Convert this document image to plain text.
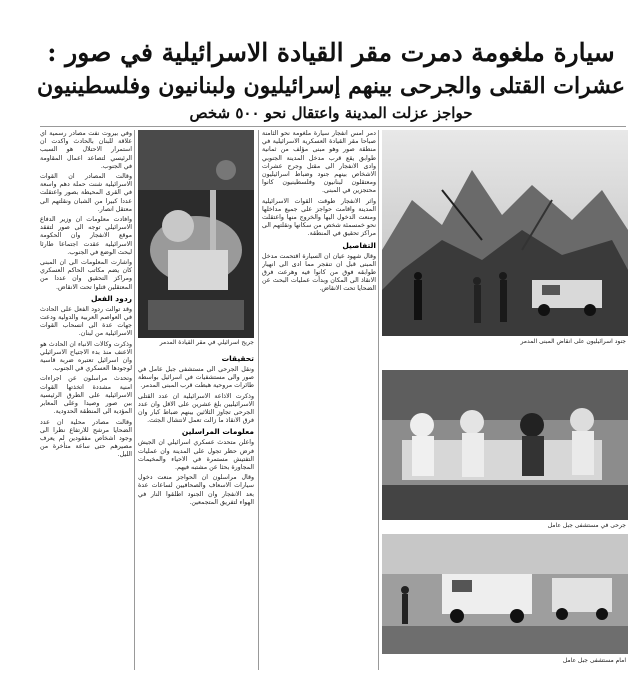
سيارة ملغومة دمرت مقر القيادة الاسرائيلية في صور :
عشرات القتلى والجرحى بينهم إسرائيليون ولبنانيون وفلسطينيون
حواجز عزلت المدينة واعتقال نحو ٥٠٠ شخص
جنود اسرائيليون على انقاض المبنى المدمر
جريح اسرائيلي في مقر القيادة المدمر
جرحى في مستشفى جبل عامل
امام مستشفى جبل عامل

دمر امس انفجار سيارة ملغومة نحو الثامنة صباحا مقر القيادة العسكرية الاسرائيلية في منطقة صور وهو مبنى مؤلف من ثمانية طوابق يقع قرب مدخل المدينة الجنوبي وادى الانفجار الى مقتل وجرح عشرات الاشخاص بينهم جنود وضباط اسرائيليون ومعتقلون لبنانيون وفلسطينيون كانوا محتجزين في المبنى.

واثر الانفجار طوقت القوات الاسرائيلية المدينة واقامت حواجز على جميع مداخلها ومنعت الدخول اليها والخروج منها واعتقلت نحو خمسمئة شخص من سكانها ونقلتهم الى مراكز تحقيق في المنطقة.

التفاصيل

وقال شهود عيان ان السيارة اقتحمت مدخل المبنى قبل ان تنفجر مما ادى الى انهيار طوابقه فوق من كانوا فيه وهرعت فرق الانقاذ الى المكان وبدأت عمليات البحث عن الضحايا تحت الانقاض.

تحقيقات

ونقل الجرحى الى مستشفى جبل عامل في صور والى مستشفيات في اسرائيل بواسطة طائرات مروحية هبطت قرب المبنى المدمر.

وذكرت الاذاعة الاسرائيلية ان عدد القتلى الاسرائيليين بلغ عشرين على الاقل وان عدد الجرحى تجاوز الثلاثين بينهم ضباط كبار وان فرق الانقاذ ما زالت تعمل لانتشال الجثث.

معلومات المراسلين

واعلن متحدث عسكري اسرائيلي ان الجيش فرض حظر تجول على المدينة وان عمليات التفتيش مستمرة في الاحياء والمخيمات المجاورة بحثا عن مشتبه فيهم.

وقال مراسلون ان الحواجز منعت دخول سيارات الاسعاف والصحافيين لساعات عدة بعد الانفجار وان الجنود اطلقوا النار في الهواء لتفريق المتجمعين.

وفي بيروت نفت مصادر رسمية اي علاقة للبنان بالحادث واكدت ان استمرار الاحتلال هو السبب الرئيسي لتصاعد اعمال المقاومة في الجنوب.

وقالت المصادر ان القوات الاسرائيلية شنت حملة دهم واسعة في القرى المحيطة بصور واعتقلت عددا كبيرا من الشبان ونقلتهم الى معتقل انصار.

وافادت معلومات ان وزير الدفاع الاسرائيلي توجه الى صور لتفقد موقع الانفجار وان الحكومة الاسرائيلية عقدت اجتماعا طارئا لبحث الوضع في الجنوب.

واشارت المعلومات الى ان المبنى كان يضم مكاتب الحاكم العسكري ومراكز التحقيق وان عددا من المعتقلين قتلوا تحت الانقاض.

ردود الفعل

وقد توالت ردود الفعل على الحادث في العواصم العربية والدولية ودعت جهات عدة الى انسحاب القوات الاسرائيلية من لبنان.

وذكرت وكالات الانباء ان الحادث هو الاعنف منذ بدء الاجتياح الاسرائيلي وان اسرائيل تعتبره ضربة قاسية لوجودها العسكري في الجنوب.

وتحدث مراسلون عن اجراءات امنية مشددة اتخذتها القوات الاسرائيلية على الطرق الرئيسية بين صور وصيدا وعلى المعابر المؤدية الى المنطقة الحدودية.

وقالت مصادر محلية ان عدد الضحايا مرشح للارتفاع نظرا الى وجود اشخاص مفقودين لم يعرف مصيرهم حتى ساعة متأخرة من الليل.
